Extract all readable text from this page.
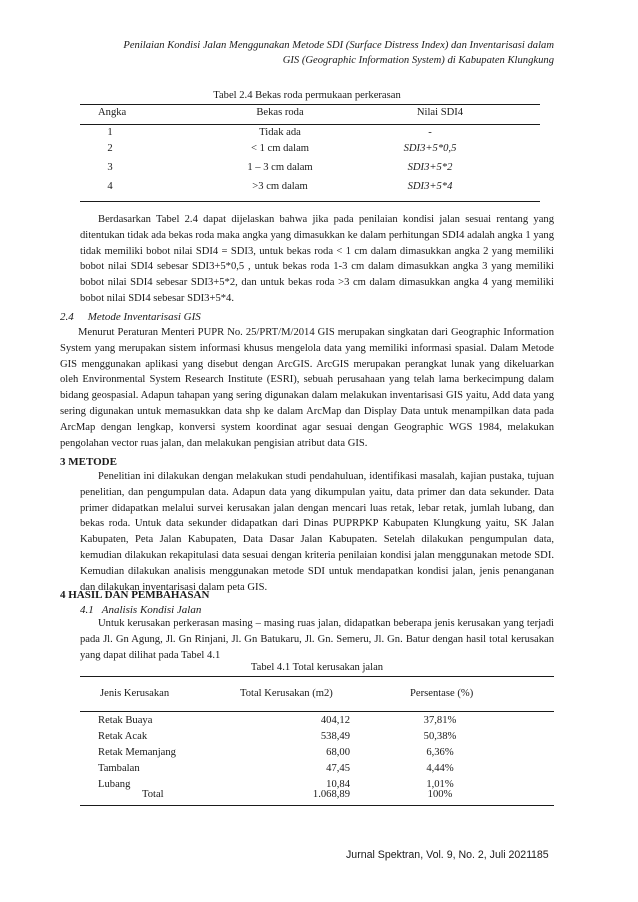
Penilaian Kondisi Jalan Menggunakan Metode SDI (Surface Distress Index) dan Inventarisasi dalam
GIS (Geographic Information System) di Kabupaten Klungkung
Tabel 2.4 Bekas roda permukaan perkerasan
Angka	Bekas roda	Nilai SDI4
1	Tidak ada	-
2	< 1 cm dalam	SDI3+5*0,5
3	1 – 3 cm dalam	SDI3+5*2
4	>3 cm dalam	SDI3+5*4

Berdasarkan Tabel 2.4 dapat dijelaskan bahwa jika pada penilaian kondisi jalan sesuai rentang yang ditentukan tidak ada bekas roda maka angka yang dimasukkan ke dalam perhitungan SDI4 adalah angka 1 yang tidak memiliki bobot nilai SDI4 = SDI3, untuk bekas roda < 1 cm dalam dimasukkan angka 2 yang memiliki bobot nilai SDI4 sebesar SDI3+5*0,5 , untuk bekas roda 1-3 cm dalam dimasukkan angka 3 yang memiliki bobot nilai SDI4 sebesar SDI3+5*2, dan untuk bekas roda >3 cm dalam dimasukkan angka 4 yang memiliki bobot nilai SDI4 sebesar SDI3+5*4.

2.4 Metode Inventarisasi GIS

Menurut Peraturan Menteri PUPR No. 25/PRT/M/2014 GIS merupakan singkatan dari Geographic Information System yang merupakan sistem informasi khusus mengelola data yang memiliki informasi spasial. Dalam Metode GIS menggunakan aplikasi yang disebut dengan ArcGIS. ArcGIS merupakan perangkat lunak yang dikeluarkan oleh Environmental System Research Institute (ESRI), sebuah perusahaan yang telah lama berkecimpung dalam bidang geospasial. Adapun tahapan yang sering digunakan dalam melakukan inventarisasi GIS yaitu, Add data yang sering digunakan untuk memasukkan data shp ke dalam ArcMap dan Display Data untuk menampilkan data pada ArcMap dengan lengkap, konversi system koordinat agar sesuai dengan Geographic WGS 1984, melakukan pengolahan vector ruas jalan, dan melakukan pengisian atribut data GIS.

3 METODE

Penelitian ini dilakukan dengan melakukan studi pendahuluan, identifikasi masalah, kajian pustaka, tujuan penelitian, dan pengumpulan data. Adapun data yang dikumpulan yaitu, data primer dan data sekunder. Data primer didapatkan melalui survei kerusakan jalan dengan mencari luas retak, lebar retak, jumlah lubang, dan bekas roda. Untuk data sekunder didapatkan dari Dinas PUPRPKP Kabupaten Klungkung yaitu, SK Jalan Kabupaten, Peta Jalan Kabupaten, Data Dasar Jalan Kabupaten. Setelah dilakukan pengumpulan data, kemudian dilakukan rekapitulasi data sesuai dengan kriteria penilaian kondisi jalan menggunakan metode SDI. Kemudian dilakukan analisis menggunakan metode SDI untuk mendapatkan kondisi jalan, jenis penanganan dan dilakukan inventarisasi dalam peta GIS.

4 HASIL DAN PEMBAHASAN
4.1 Analisis Kondisi Jalan

Untuk kerusakan perkerasan masing – masing ruas jalan, didapatkan beberapa jenis kerusakan yang terjadi pada Jl. Gn Agung, Jl. Gn Rinjani, Jl. Gn Batukaru, Jl. Gn. Semeru, Jl. Gn. Batur dengan hasil total kerusakan yang dapat dilihat pada Tabel 4.1

Tabel 4.1 Total kerusakan jalan
Jenis Kerusakan	Total Kerusakan (m2)	Persentase (%)
Retak Buaya	404,12	37,81%
Retak Acak	538,49	50,38%
Retak Memanjang	68,00	6,36%
Tambalan	47,45	4,44%
Lubang	10,84	1,01%
Total	1.068,89	100%
Jurnal Spektran, Vol. 9, No. 2, Juli 2021
185
